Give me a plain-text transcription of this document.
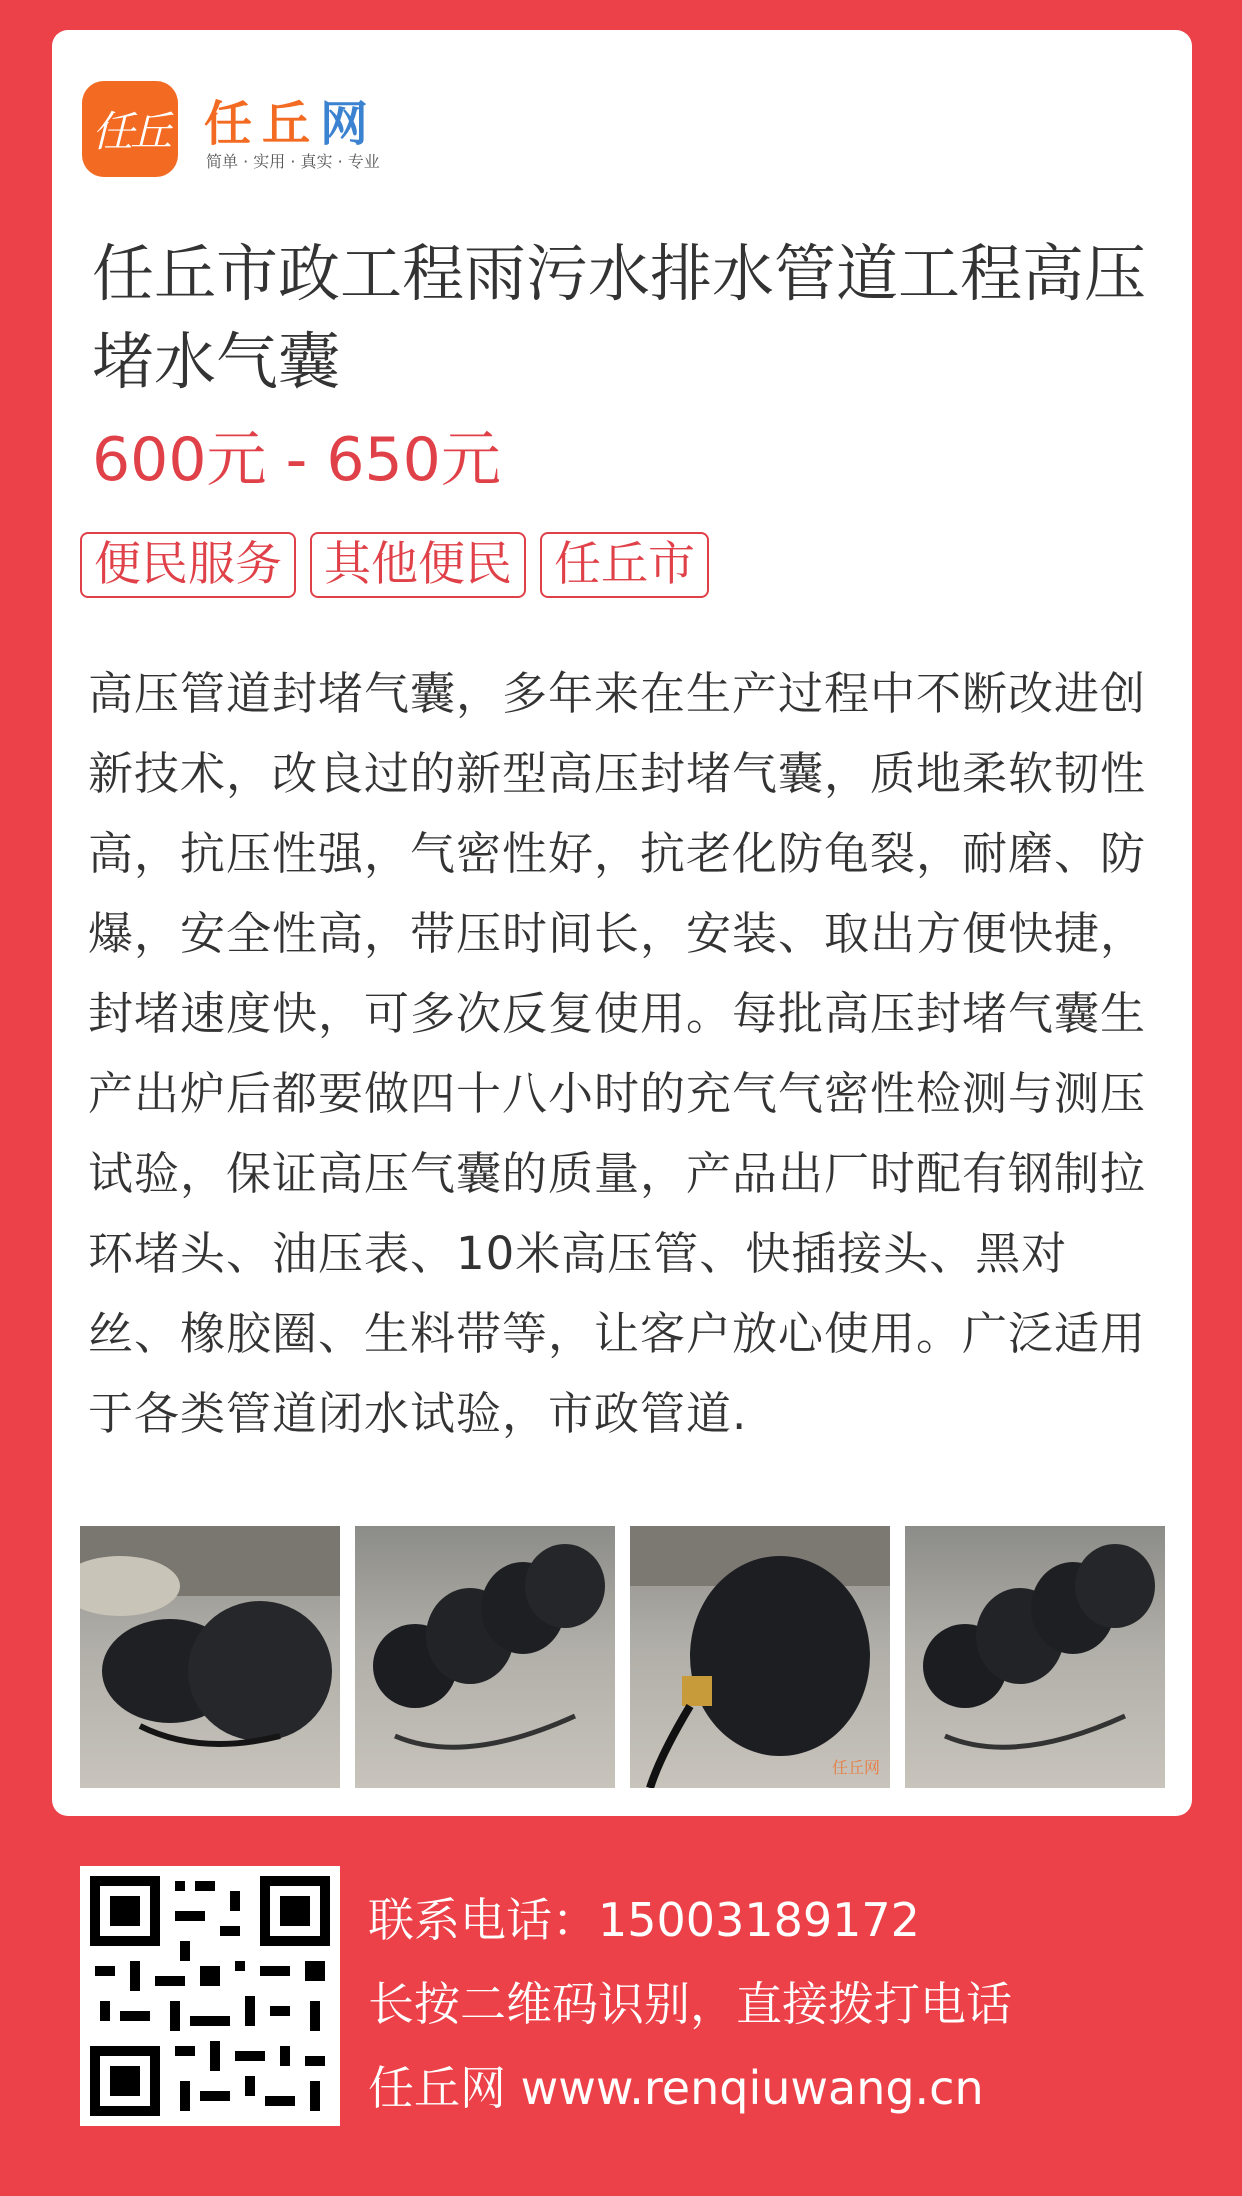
任丘 任丘网
简单 · 实用 · 真实 · 专业
任丘市政工程雨污水排水管道工程高压堵水气囊
600元 - 650元
便民服务 其他便民 任丘市

高压管道封堵气囊，多年来在生产过程中不断改进创新技术，改良过的新型高压封堵气囊，质地柔软韧性高，抗压性强，气密性好，抗老化防龟裂，耐磨、防爆，安全性高，带压时间长，安装、取出方便快捷，封堵速度快，可多次反复使用。每批高压封堵气囊生产出炉后都要做四十八小时的充气气密性检测与测压试验，保证高压气囊的质量，产品出厂时配有钢制拉环堵头、油压表、10米高压管、快插接头、黑对丝、橡胶圈、生料带等，让客户放心使用。广泛适用于各类管道闭水试验，市政管道.

任丘网
联系电话：15003189172
长按二维码识别，直接拨打电话
任丘网 www.renqiuwang.cn
